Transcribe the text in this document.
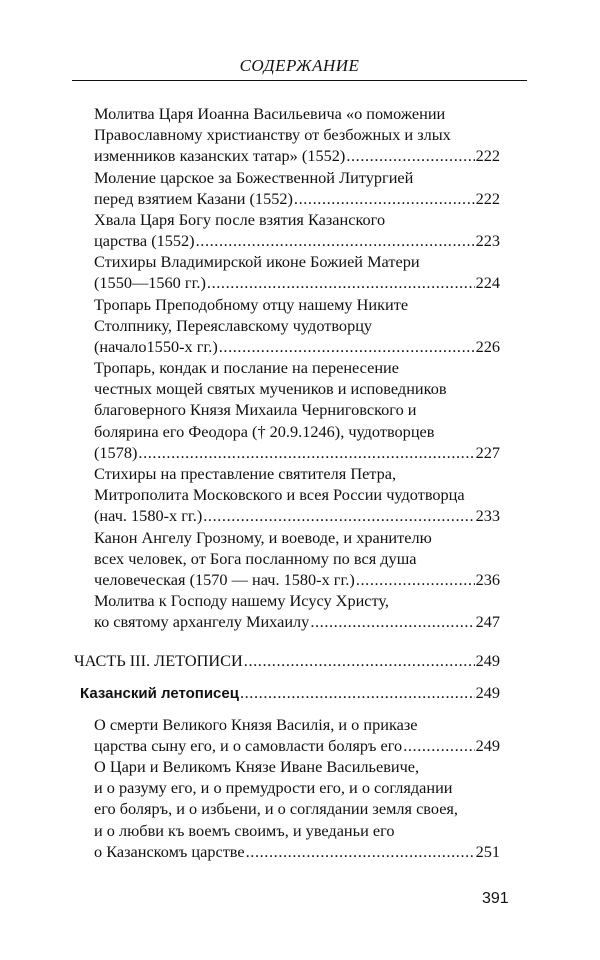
СОДЕРЖАНИЕ
Молитва Царя Иоанна Васильевича «о поможении
Православному христианству от безбожных и злых
изменников казанских татар» (1552) .....	222
Моление царское за Божественной Литургией
перед взятием Казани (1552) .....	222
Хвала Царя Богу после взятия Казанского
царства (1552) .....	223
Стихиры Владимирской иконе Божией Матери
(1550—1560 гг.) .....	224
Тропарь Преподобному отцу нашему Никите
Столпнику, Переяславскому чудотворцу
(начало1550-х гг.) .....	226
Тропарь, кондак и послание на перенесение
честных мощей святых мучеников и исповедников
благоверного Князя Михаила Черниговского и
болярина его Феодора († 20.9.1246), чудотворцев
(1578) .....	227
Стихиры на преставление святителя Петра,
Митрополита Московского и всея России чудотворца
(нач. 1580-х гг.) .....	233
Канон Ангелу Грозному, и воеводе, и хранителю
всех человек, от Бога посланному по вся душа
человеческая (1570 — нач. 1580-х гг.) .....	236
Молитва к Господу нашему Исусу Христу,
ко святому архангелу Михаилу .....	247
ЧАСТЬ III. ЛЕТОПИСИ .....	249
Казанский летописец .....	249
О смерти Великого Князя Василія, и о приказе
царства сыну его, и о самовласти боляръ его .....	249
О Цари и Великомъ Князе Иване Васильевиче,
и о разуму его, и о премудрости его, и о соглядании
его боляръ, и о избьени, и о соглядании земля своея,
и о любви къ воемъ своимъ, и уведаньи его
о Казанскомъ царстве .....	251
391
